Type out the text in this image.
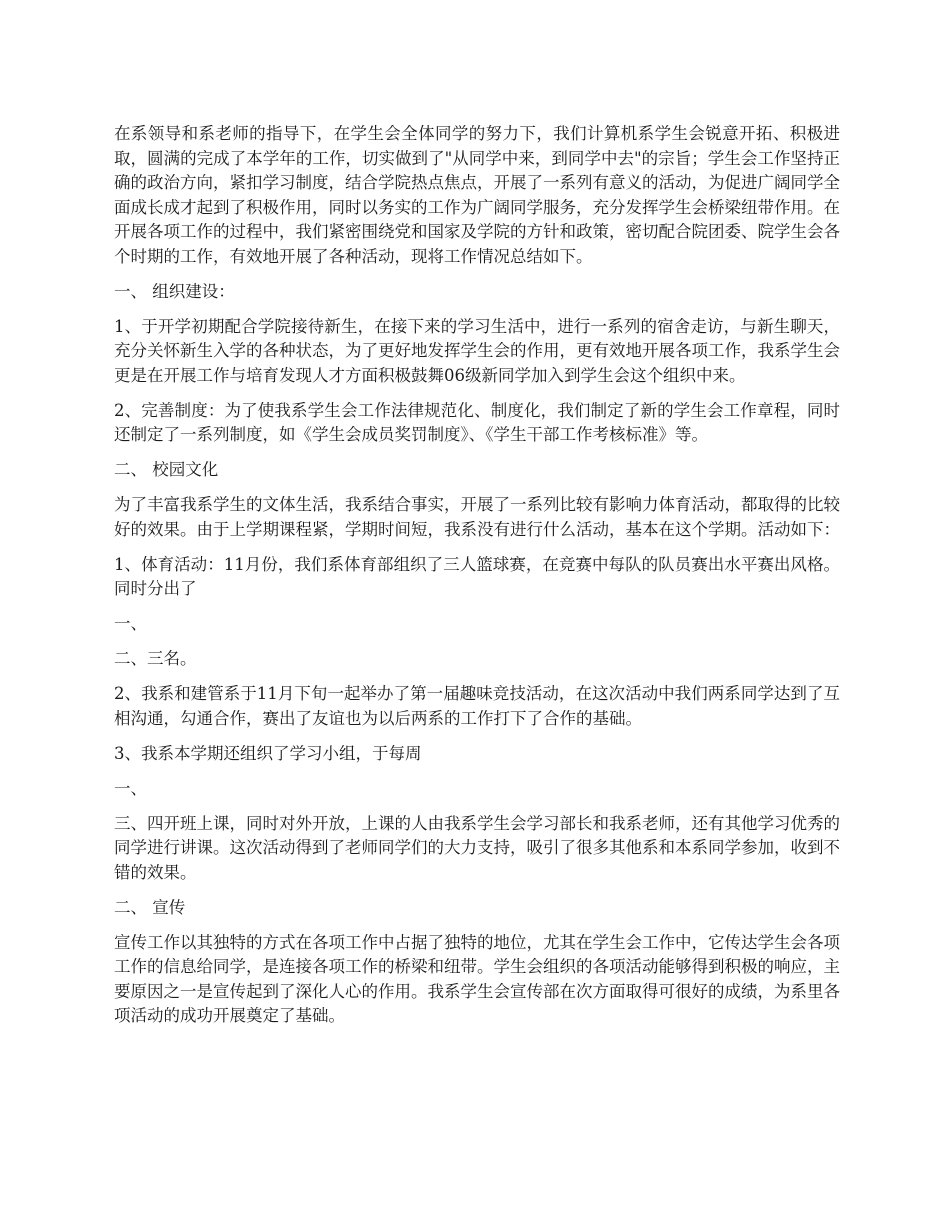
在系领导和系老师的指导下，在学生会全体同学的努力下，我们计算机系学生会锐意开拓、积极进取，圆满的完成了本学年的工作，切实做到了"从同学中来，到同学中去"的宗旨；学生会工作坚持正确的政治方向，紧扣学习制度，结合学院热点焦点，开展了一系列有意义的活动，为促进广阔同学全面成长成才起到了积极作用，同时以务实的工作为广阔同学服务，充分发挥学生会桥梁纽带作用。在开展各项工作的过程中，我们紧密围绕党和国家及学院的方针和政策，密切配合院团委、院学生会各个时期的工作，有效地开展了各种活动，现将工作情况总结如下。

一、 组织建设：

1、于开学初期配合学院接待新生，在接下来的学习生活中，进行一系列的宿舍走访，与新生聊天，充分关怀新生入学的各种状态，为了更好地发挥学生会的作用，更有效地开展各项工作，我系学生会更是在开展工作与培育发现人才方面积极鼓舞06级新同学加入到学生会这个组织中来。

2、完善制度：为了使我系学生会工作法律规范化、制度化，我们制定了新的学生会工作章程，同时还制定了一系列制度，如《学生会成员奖罚制度》、《学生干部工作考核标准》等。

二、 校园文化

为了丰富我系学生的文体生活，我系结合事实，开展了一系列比较有影响力体育活动，都取得的比较好的效果。由于上学期课程紧，学期时间短，我系没有进行什么活动，基本在这个学期。活动如下：

1、体育活动：11月份，我们系体育部组织了三人篮球赛，在竞赛中每队的队员赛出水平赛出风格。同时分出了

一、

二、三名。

2、我系和建管系于11月下旬一起举办了第一届趣味竞技活动，在这次活动中我们两系同学达到了互相沟通，勾通合作，赛出了友谊也为以后两系的工作打下了合作的基础。

3、我系本学期还组织了学习小组，于每周

一、

三、四开班上课，同时对外开放，上课的人由我系学生会学习部长和我系老师，还有其他学习优秀的同学进行讲课。这次活动得到了老师同学们的大力支持，吸引了很多其他系和本系同学参加，收到不错的效果。

二、 宣传

宣传工作以其独特的方式在各项工作中占据了独特的地位，尤其在学生会工作中，它传达学生会各项工作的信息给同学，是连接各项工作的桥梁和纽带。学生会组织的各项活动能够得到积极的响应，主要原因之一是宣传起到了深化人心的作用。我系学生会宣传部在次方面取得可很好的成绩，为系里各项活动的成功开展奠定了基础。
